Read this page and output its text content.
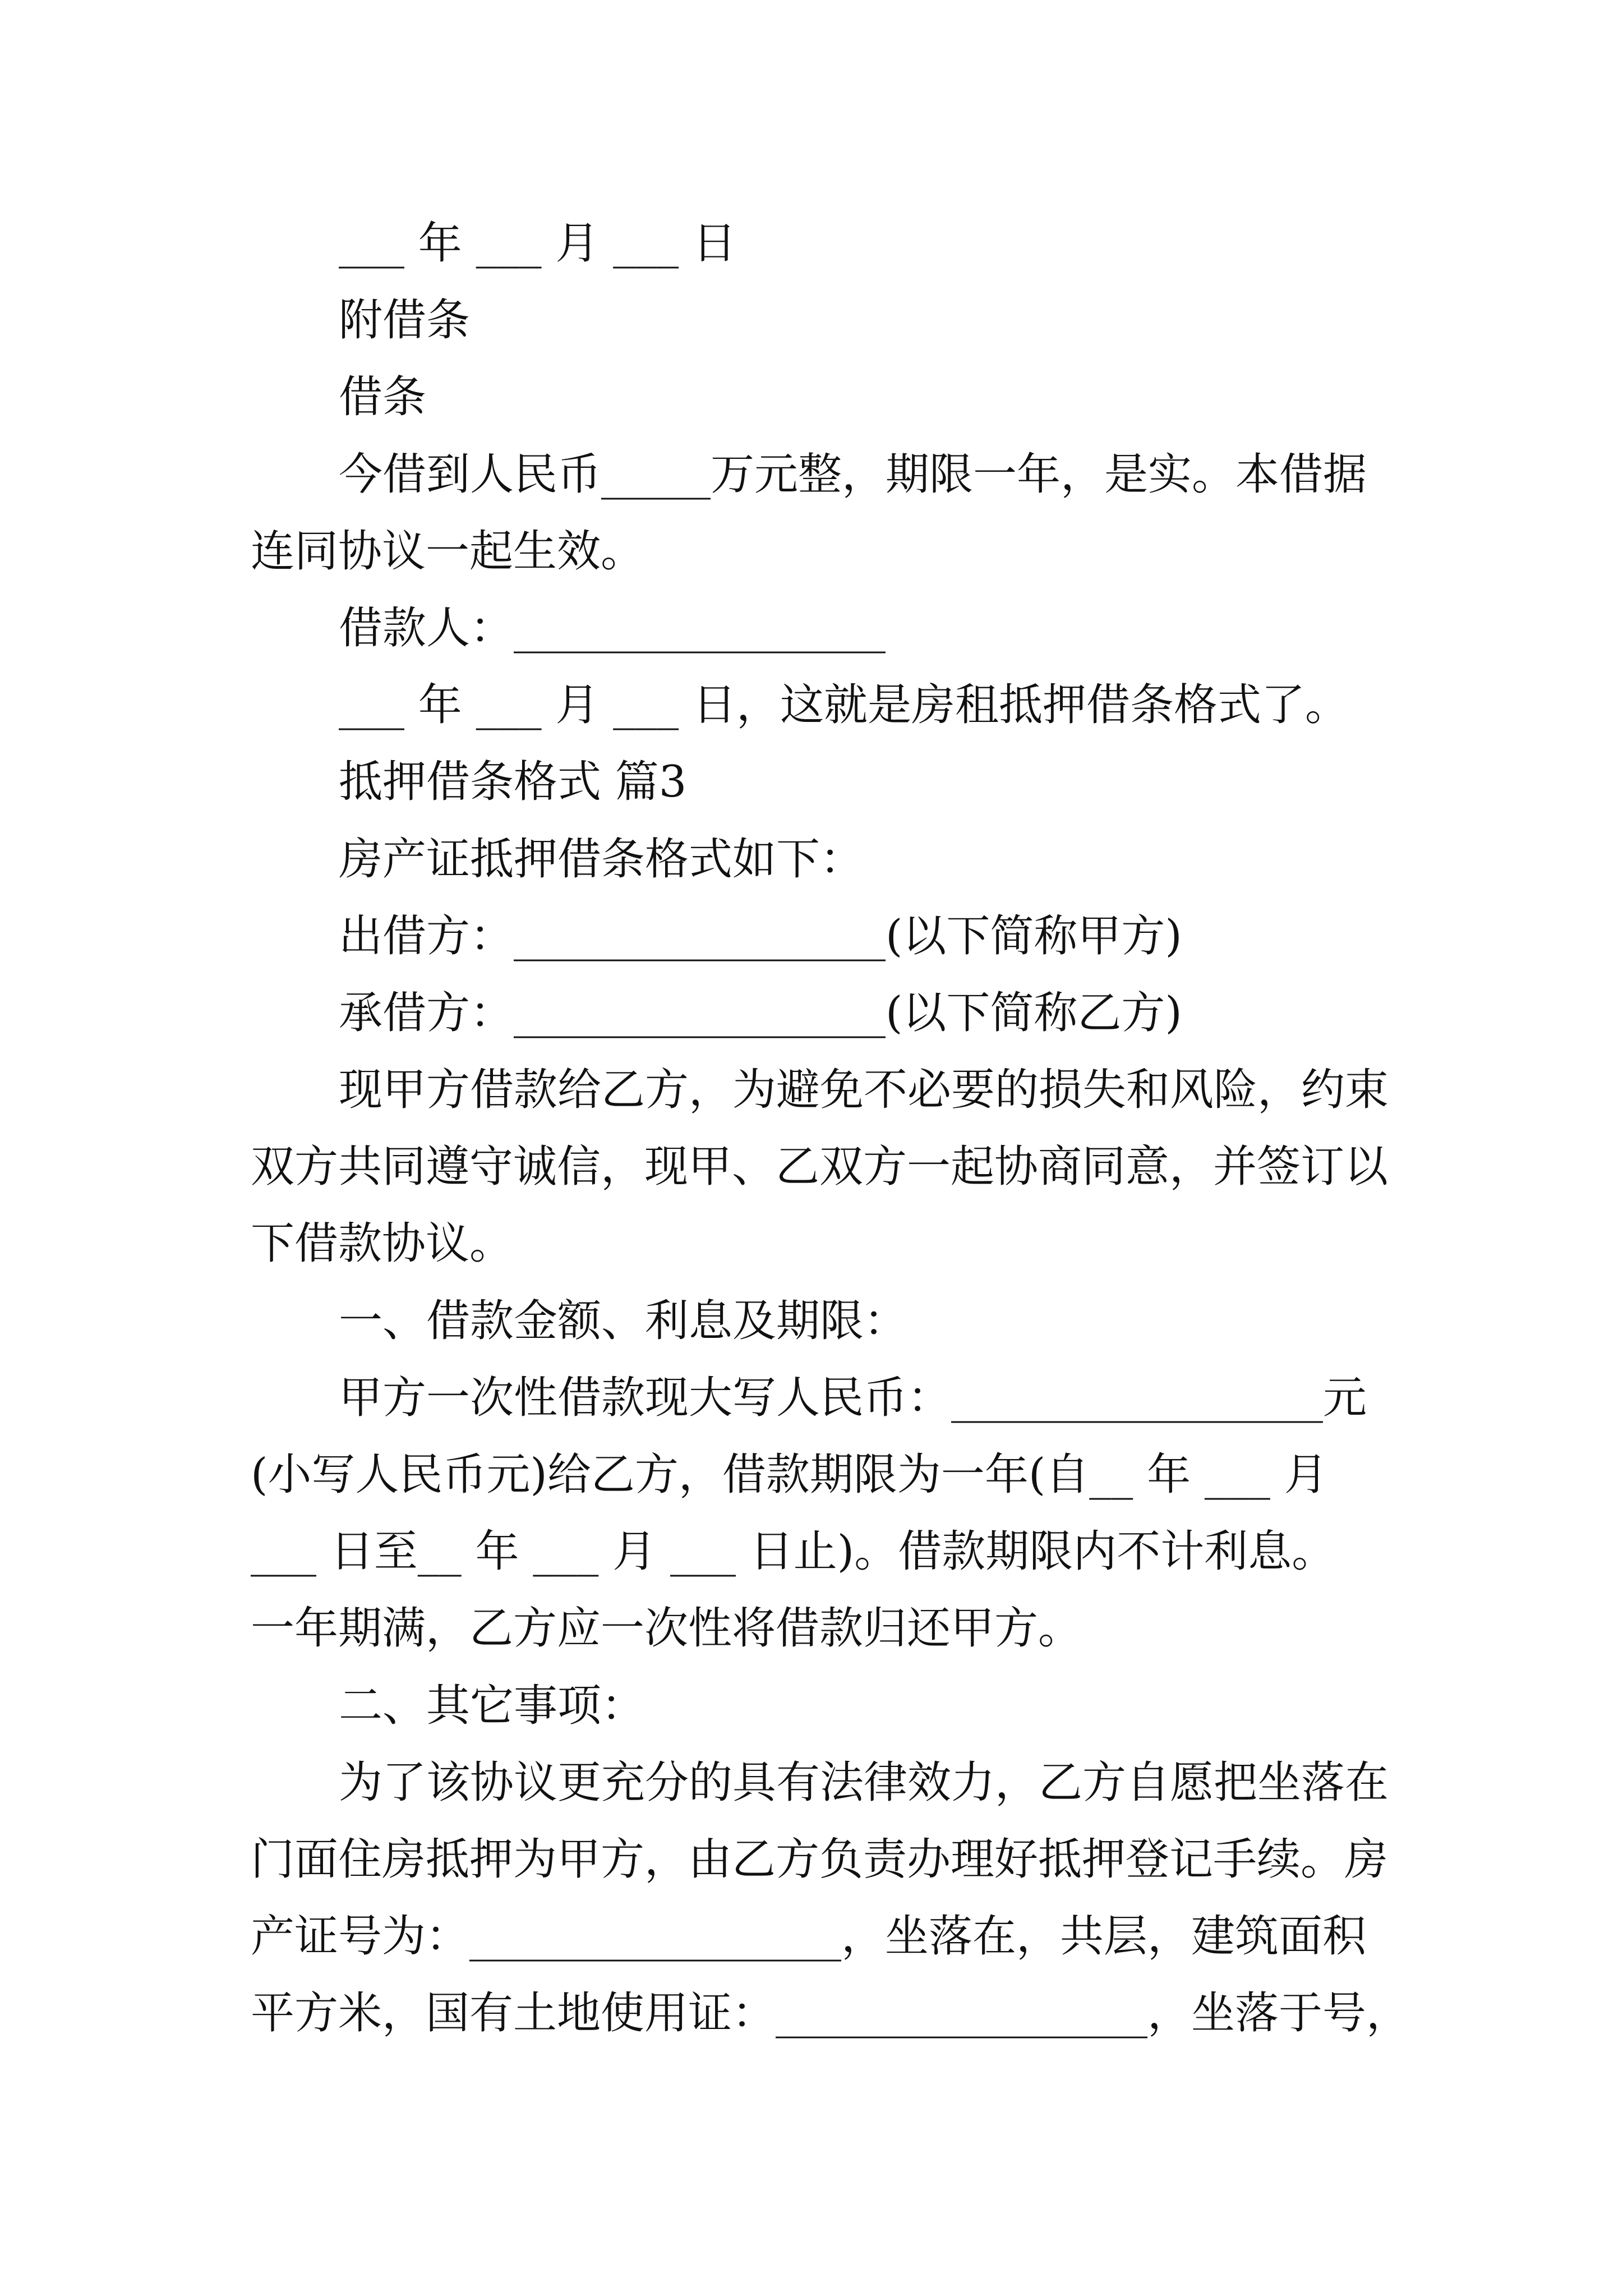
___ 年 ___ 月 ___ 日
附借条
借条
今借到人民币_____万元整，期限一年，是实。本借据
连同协议一起生效。
借款人：_________________
___ 年 ___ 月 ___ 日，这就是房租抵押借条格式了。
抵押借条格式 篇3
房产证抵押借条格式如下：
出借方：_________________(以下简称甲方)
承借方：_________________(以下简称乙方)
现甲方借款给乙方，为避免不必要的损失和风险，约束
双方共同遵守诚信，现甲、乙双方一起协商同意，并签订以
下借款协议。
一、借款金额、利息及期限：
甲方一次性借款现大写人民币：_________________元
(小写人民币元)给乙方，借款期限为一年(自__ 年 ___ 月
___ 日至__ 年 ___ 月 ___ 日止)。借款期限内不计利息。
一年期满，乙方应一次性将借款归还甲方。
二、其它事项：
为了该协议更充分的具有法律效力，乙方自愿把坐落在
门面住房抵押为甲方，由乙方负责办理好抵押登记手续。房
产证号为：_________________，坐落在，共层，建筑面积
平方米，国有土地使用证：_________________，坐落于号，
